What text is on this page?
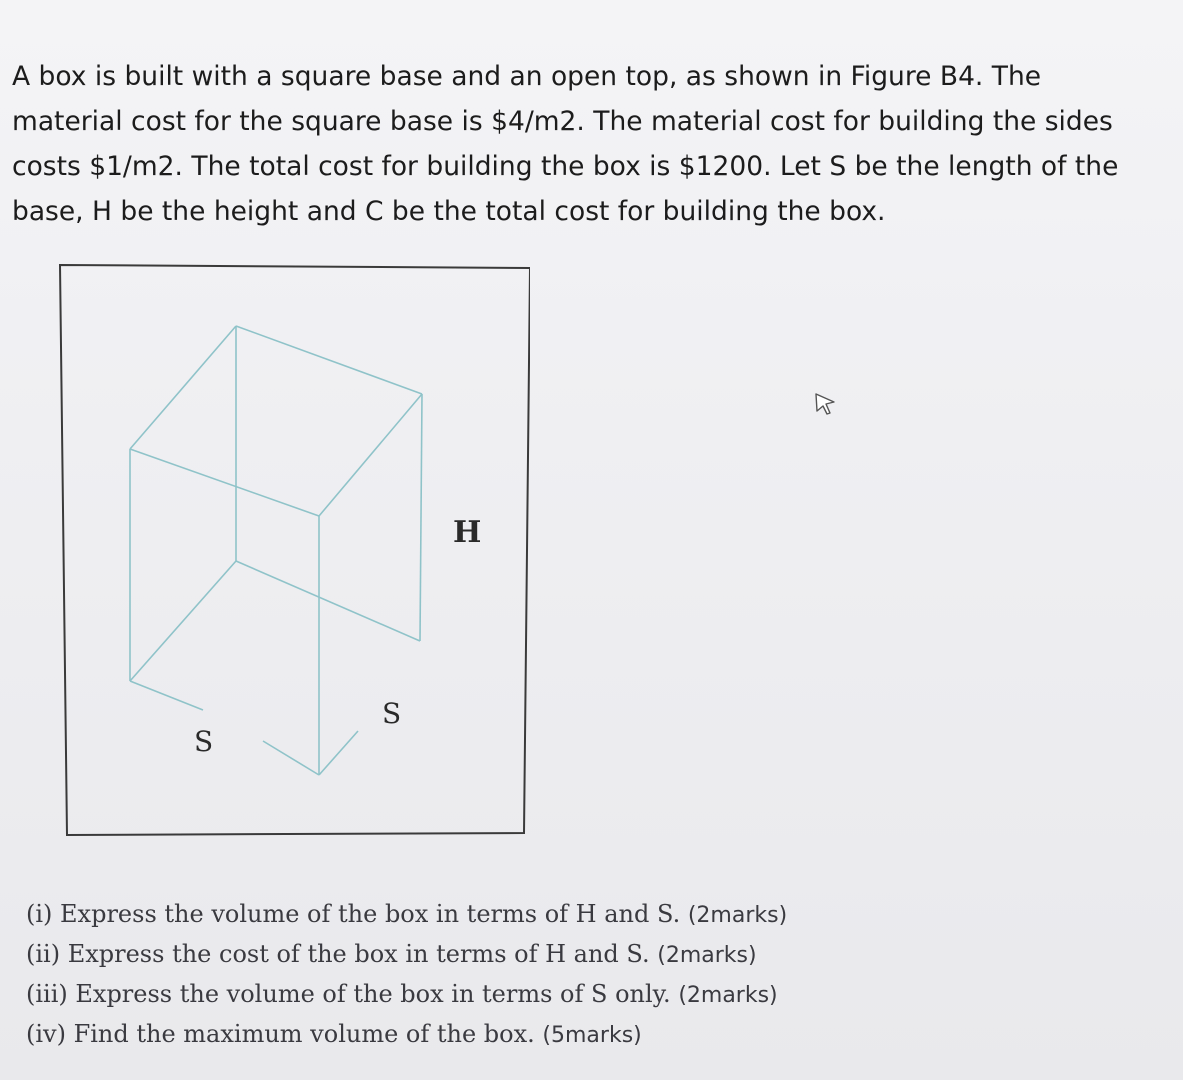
A box is built with a square base and an open top, as shown in Figure B4. The
material cost for the square base is $4/m2. The material cost for building the sides
costs $1/m2. The total cost for building the box is $1200. Let S be the length of the
base, H be the height and C be the total cost for building the box.
H
S
S
(i) Express the volume of the box in terms of H and S. (2marks)
(ii) Express the cost of the box in terms of H and S. (2marks)
(iii) Express the volume of the box in terms of S only. (2marks)
(iv) Find the maximum volume of the box. (5marks)
